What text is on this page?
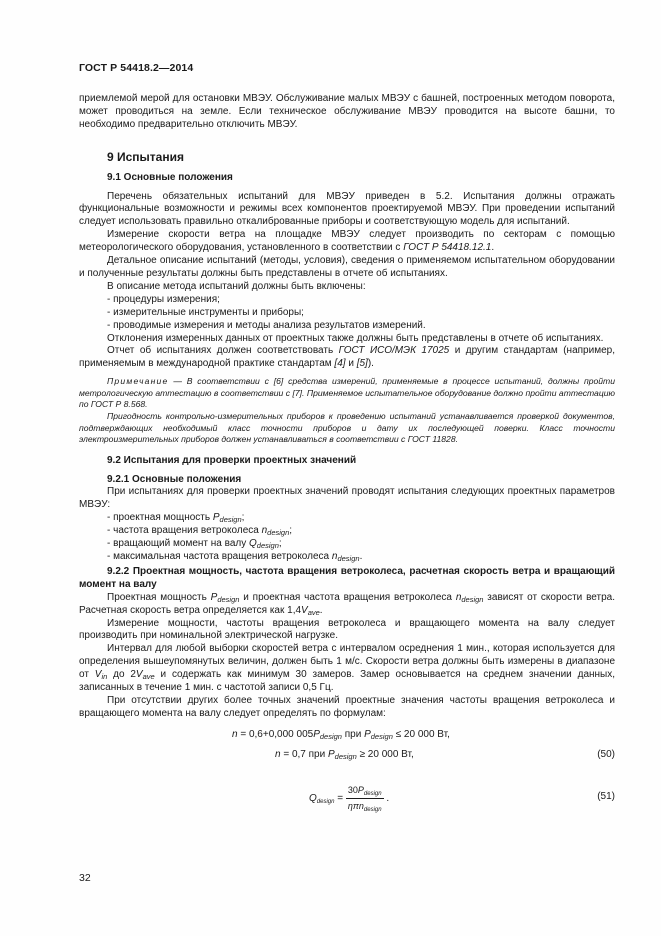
ГОСТ Р 54418.2—2014

приемлемой мерой для остановки МВЭУ. Обслуживание малых МВЭУ с башней, построенных методом поворота, может проводиться на земле. Если техническое обслуживание МВЭУ проводится на высоте башни, то необходимо предварительно отключить МВЭУ.

9 Испытания
9.1 Основные положения

Перечень обязательных испытаний для МВЭУ приведен в 5.2. Испытания должны отражать функциональные возможности и режимы всех компонентов проектируемой МВЭУ. При проведении испытаний следует использовать правильно откалиброванные приборы и соответствующую модель для испытаний.

Измерение скорости ветра на площадке МВЭУ следует производить по секторам с помощью метеорологического оборудования, установленного в соответствии с ГОСТ Р 54418.12.1.

Детальное описание испытаний (методы, условия), сведения о применяемом испытательном оборудовании и полученные результаты должны быть представлены в отчете об испытаниях.

В описание метода испытаний должны быть включены:

- процедуры измерения;

- измерительные инструменты и приборы;

- проводимые измерения и методы анализа результатов измерений.

Отклонения измеренных данных от проектных также должны быть представлены в отчете об испытаниях.

Отчет об испытаниях должен соответствовать ГОСТ ИСО/МЭК 17025 и другим стандартам (например, применяемым в международной практике стандартам [4] и [5]).

Примечание — В соответствии с [6] средства измерений, применяемые в процессе испытаний, должны пройти метрологическую аттестацию в соответствии с [7]. Применяемое испытательное оборудование должно пройти аттестацию по ГОСТ Р 8.568.

Пригодность контрольно-измерительных приборов к проведению испытаний устанавливается проверкой документов, подтверждающих необходимый класс точности приборов и дату их последующей поверки. Класс точности электроизмерительных приборов должен устанавливаться в соответствии с ГОСТ 11828.

9.2 Испытания для проверки проектных значений
9.2.1 Основные положения

При испытаниях для проверки проектных значений проводят испытания следующих проектных параметров МВЭУ:

- проектная мощность $P_{design}$;

- частота вращения ветроколеса $n_{design}$;

- вращающий момент на валу $Q_{design}$;

- максимальная частота вращения ветроколеса $n_{design}$.

9.2.2 Проектная мощность, частота вращения ветроколеса, расчетная скорость ветра и вращающий момент на валу

Проектная мощность $P_{design}$ и проектная частота вращения ветроколеса $n_{design}$ зависят от скорости ветра. Расчетная скорость ветра определяется как $1,4V_{ave}$.

Измерение мощности, частоты вращения ветроколеса и вращающего момента на валу следует производить при номинальной электрической нагрузке.

Интервал для любой выборки скоростей ветра с интервалом осреднения 1 мин., которая используется для определения вышеупомянутых величин, должен быть 1 м/с. Скорости ветра должны быть измерены в диапазоне от $V_{in}$ до $2V_{ave}$ и содержать как минимум 30 замеров. Замер основывается на среднем значении данных, записанных в течение 1 мин. с частотой записи 0,5 Гц.

При отсутствии других более точных значений проектные значения частоты вращения ветроколеса и вращающего момента на валу следует определять по формулам:

n = 0,6+0,000 $005P_{design}$ при $P_{design} \le 20$ 000 Вт,
n = 0,7 при $P_{design} \ge 20$ 000 Вт,	(50)
$Q_{design} = \frac{30P_{design}}{\eta\pi n_{design}}$ .	(51)
32
